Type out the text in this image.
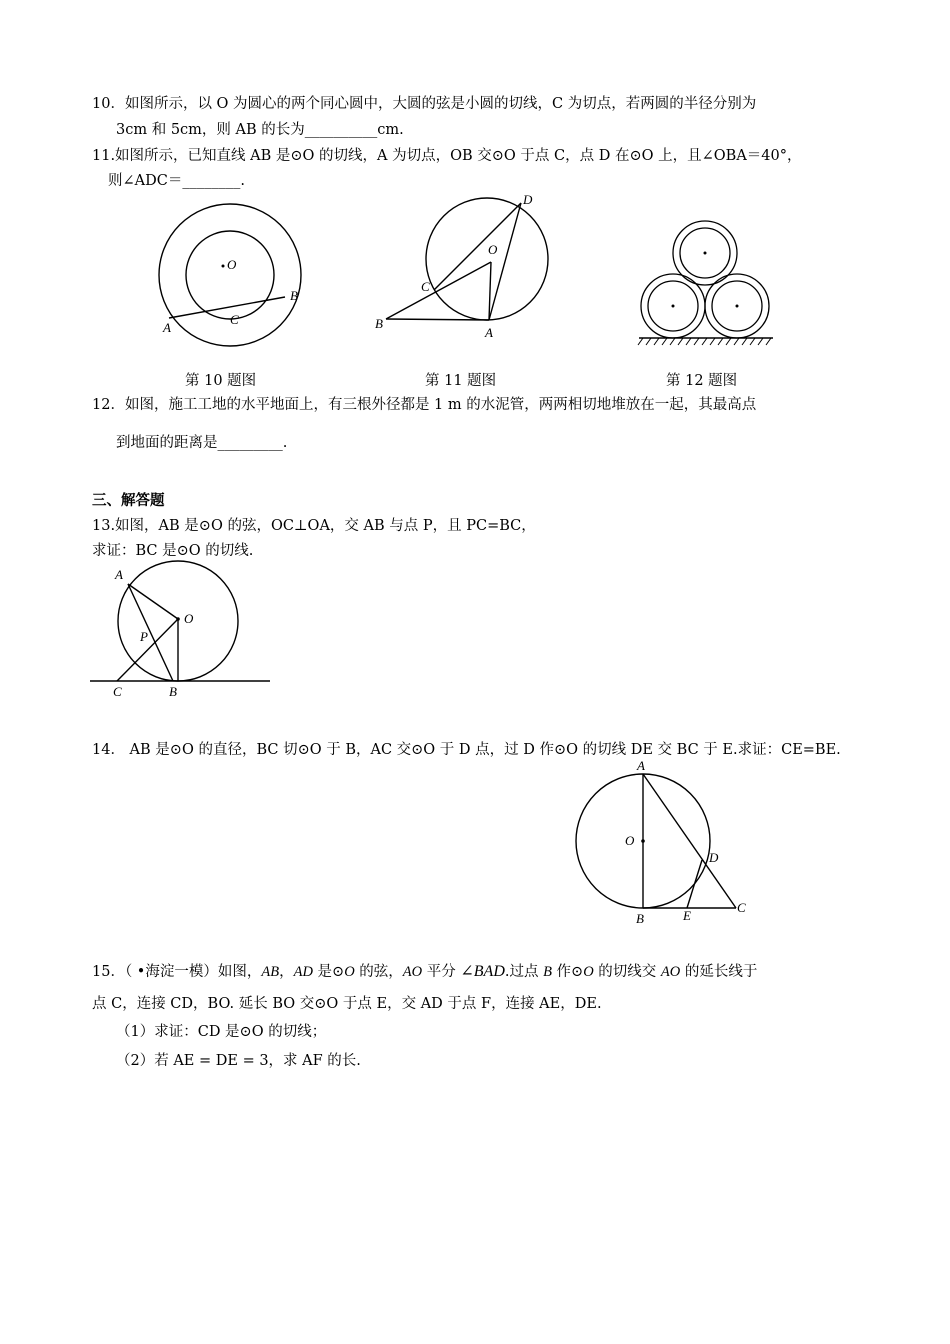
10．如图所示，以 O 为圆心的两个同心圆中，大圆的弦是小圆的切线，C 为切点，若两圆的半径分别为
3cm 和 5cm，则 AB 的长为__________cm.
11.如图所示，已知直线 AB 是⊙O 的切线，A 为切点，OB 交⊙O 于点 C，点 D 在⊙O 上，且∠OBA＝40°，
则∠ADC＝________.
O
A
B
C
O
A
B
C
D
第 10 题图	第 11 题图	第 12 题图
12．如图，施工工地的水平地面上，有三根外径都是 1 m 的水泥管，两两相切地堆放在一起，其最高点
到地面的距离是_________.
三、解答题
13.如图，AB 是⊙O 的弦，OC⊥OA，交 AB 与点 P，且 PC=BC，
求证：BC 是⊙O 的切线.
A
O
P
C	B
14． AB 是⊙O 的直径，BC 切⊙O 于 B，AC 交⊙O 于 D 点，过 D 作⊙O 的切线 DE 交 BC 于 E.求证：CE=BE.
A
O
D
B	E
C
15．（ •海淀一模）如图，AB，AD 是⊙O 的弦，AO 平分 ∠BAD.过点 B 作⊙O 的切线交 AO 的延长线于
点 C，连接 CD，BO. 延长 BO 交⊙O 于点 E，交 AD 于点 F，连接 AE，DE.
（1）求证：CD 是⊙O 的切线；
（2）若 AE = DE = 3，求 AF 的长.
